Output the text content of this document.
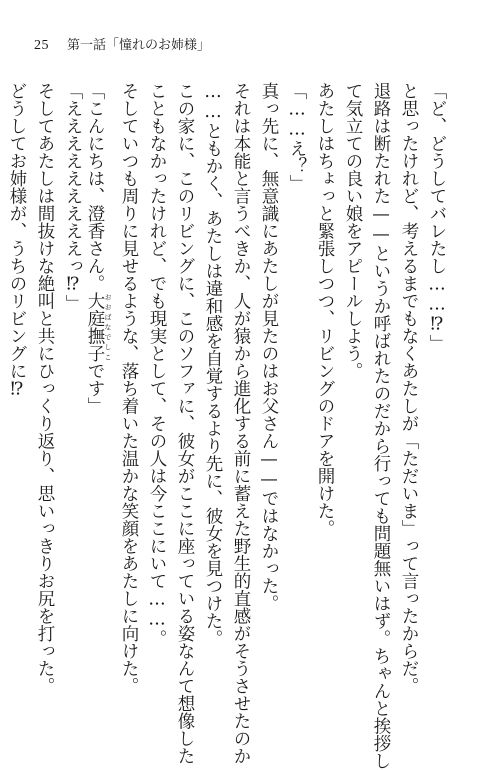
25 第一話「憧れのお姉様」
「ど、どうしてバレたし……⁉」
と思ったけれど、考えるまでもなくあたしが「ただいま」って言ったからだ。
退路は断たれた——というか呼ばれたのだから行っても問題無いはず。ちゃんと挨拶し
て気立ての良い娘をアピールしよう。
あたしはちょっと緊張しつつ、リビングのドアを開けた。
「……え？」
真っ先に、無意識にあたしが見たのはお父さん——ではなかった。
それは本能と言うべきか、人が猿から進化する前に蓄えた野生的直感がそうさせたのか
……ともかく、あたしは違和感を自覚するより先に、彼女を見つけた。
この家に、このリビングに、このソファに、彼女がここに座っている姿なんて想像した
こともなかったけれど、でも現実として、その人は今ここにいて……。
そしていつも周りに見せるような、落ち着いた温かな笑顔をあたしに向けた。
「こんにちは、澄香さん。大庭撫子 おおばなでしこです」
「えええええええええっ⁉」
そしてあたしは間抜けな絶叫と共にひっくり返り、思いっきりお尻を打った。
どうしてお姉様が、うちのリビングに⁉
